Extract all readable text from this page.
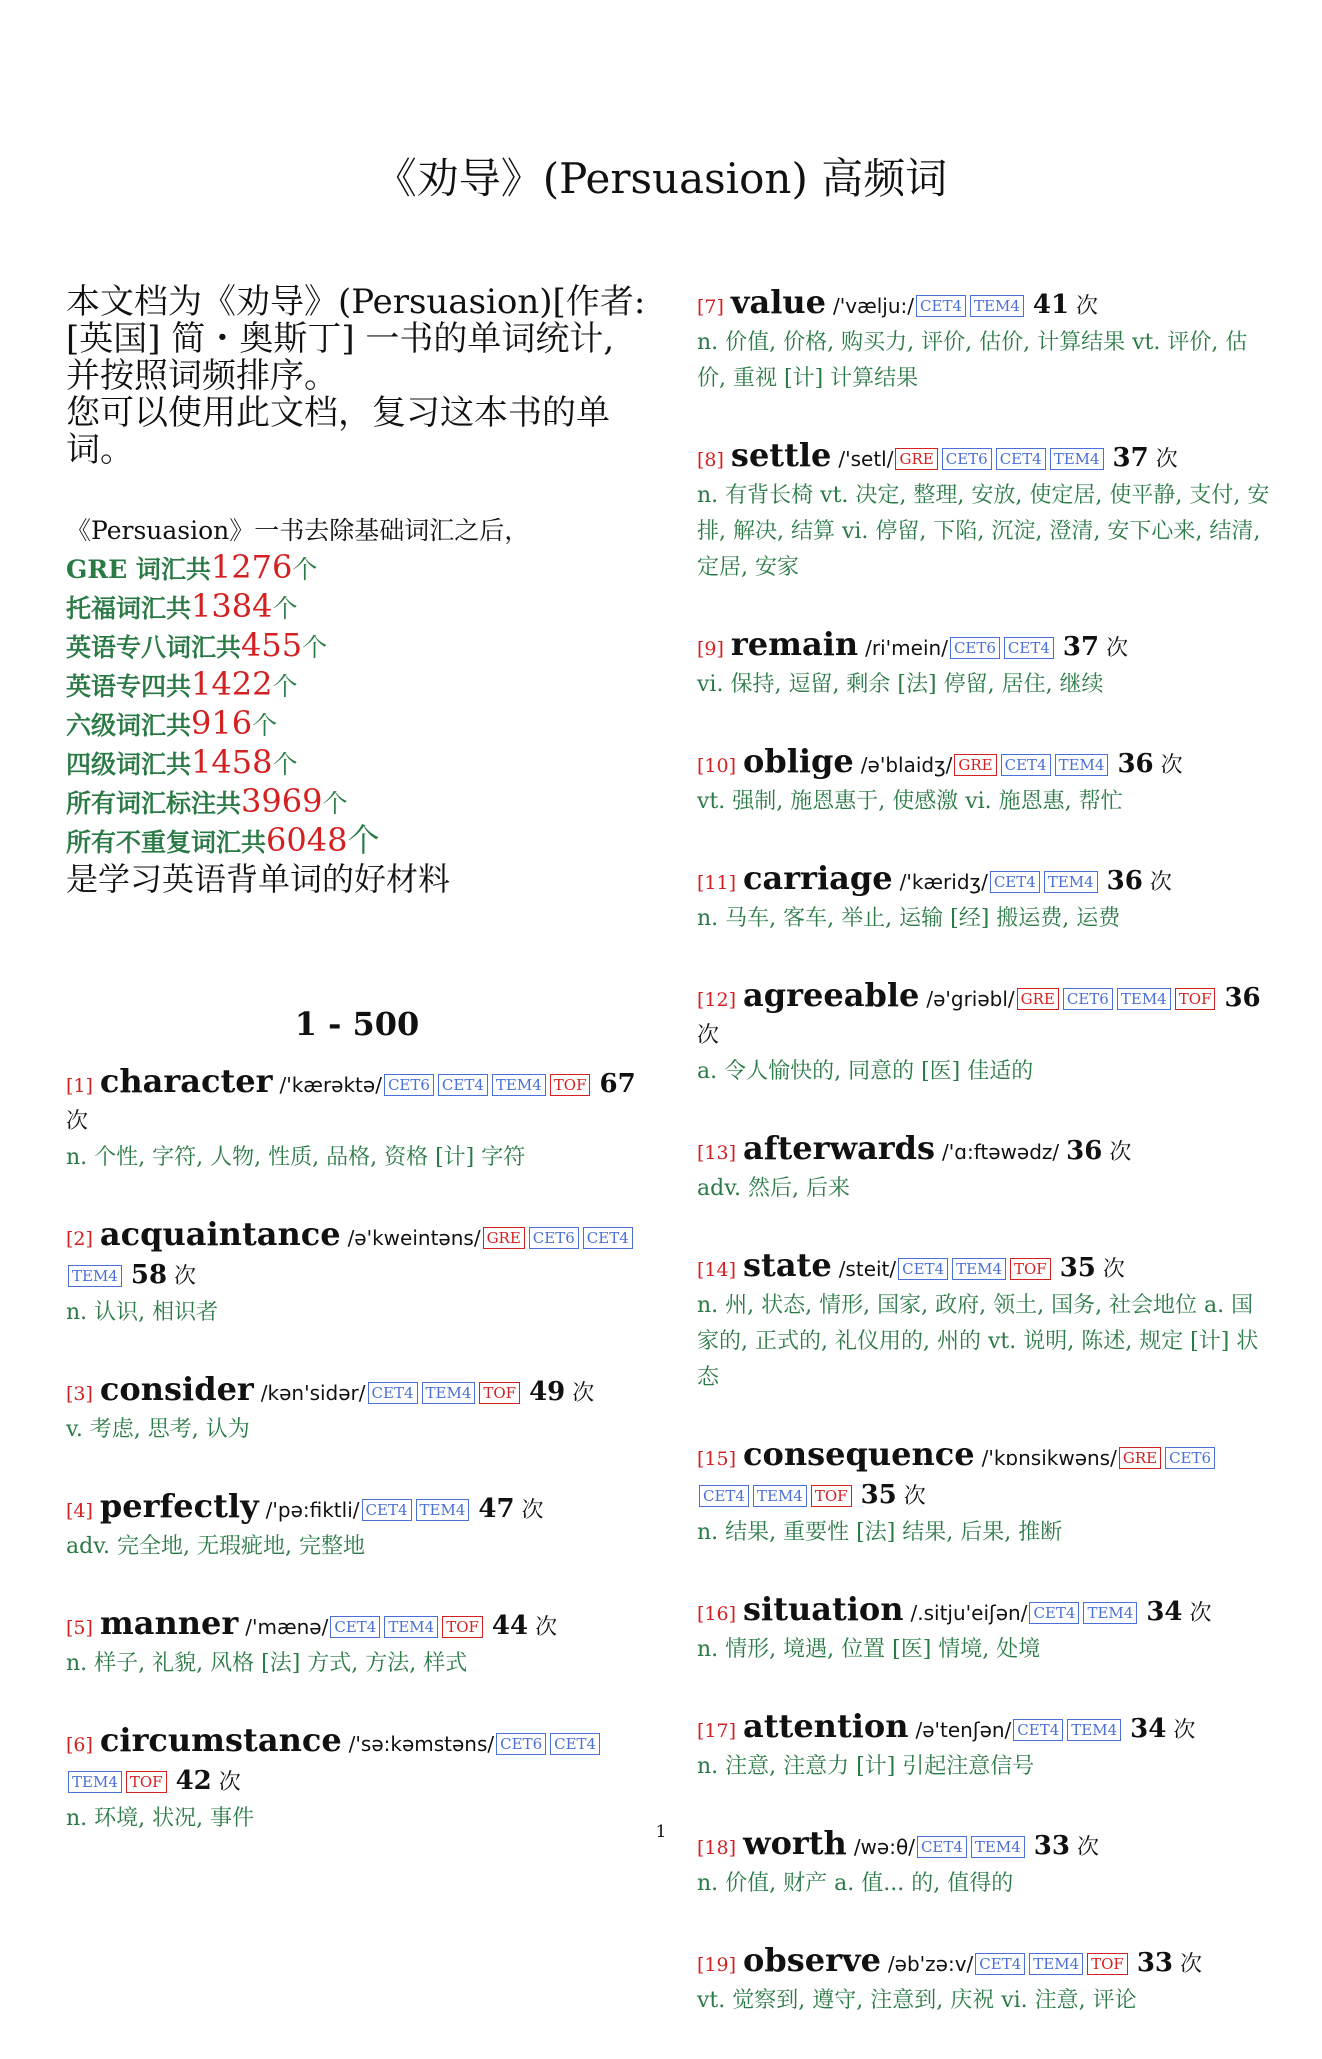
《劝导》(Persuasion) 高频词
本文档为《劝导》(Persuasion)[作者:
[英国] 简・奥斯丁] 一书的单词统计,
并按照词频排序。
您可以使用此文档，复习这本书的单
词。
《Persuasion》一书去除基础词汇之后，
GRE 词汇共1276个
托福词汇共1384个
英语专八词汇共455个
英语专四共1422个
六级词汇共916个
四级词汇共1458个
所有词汇标注共3969个
所有不重复词汇共6048个
是学习英语背单词的好材料
1 - 500
[1] character /'kærəktə/ CET6 CET4 TEM4 TOF 67 次
n. 个性, 字符, 人物, 性质, 品格, 资格 [计] 字符
[2] acquaintance /ə'kweintəns/ GRE CET6 CET4TEM4 58 次
n. 认识, 相识者
[3] consider /kən'sidər/ CET4 TEM4 TOF 49 次
v. 考虑, 思考, 认为
[4] perfectly /'pə:fiktli/ CET4 TEM4 47 次
adv. 完全地, 无瑕疵地, 完整地
[5] manner /'mænə/ CET4 TEM4 TOF 44 次
n. 样子, 礼貌, 风格 [法] 方式, 方法, 样式
[6] circumstance /'sə:kəmstəns/ CET6 CET4TEM4 TOF 42 次
n. 环境, 状况, 事件
[7] value /'vælju:/ CET4 TEM4 41 次
n. 价值, 价格, 购买力, 评价, 估价, 计算结果 vt. 评价, 估价, 重视 [计] 计算结果
[8] settle /'setl/ GRE CET6 CET4 TEM4 37 次
n. 有背长椅 vt. 决定, 整理, 安放, 使定居, 使平静, 支付, 安排, 解决, 结算 vi. 停留, 下陷, 沉淀, 澄清, 安下心来, 结清, 定居, 安家
[9] remain /ri'mein/ CET6 CET4 37 次
vi. 保持, 逗留, 剩余 [法] 停留, 居住, 继续
[10] oblige /ə'blaidʒ/ GRE CET4 TEM4 36 次
vt. 强制, 施恩惠于, 使感激 vi. 施恩惠, 帮忙
[11] carriage /'kæridʒ/ CET4 TEM4 36 次
n. 马车, 客车, 举止, 运输 [经] 搬运费, 运费
[12] agreeable /ə'griəbl/ GRE CET6 TEM4 TOF 36 次
a. 令人愉快的, 同意的 [医] 佳适的
[13] afterwards /'ɑ:ftəwədz/ 36 次
adv. 然后, 后来
[14] state /steit/ CET4 TEM4 TOF 35 次
n. 州, 状态, 情形, 国家, 政府, 领土, 国务, 社会地位 a. 国家的, 正式的, 礼仪用的, 州的 vt. 说明, 陈述, 规定 [计] 状态
[15] consequence /'kɒnsikwəns/ GRE CET6CET4 TEM4 TOF 35 次
n. 结果, 重要性 [法] 结果, 后果, 推断
[16] situation /.sitju'eiʃən/ CET4 TEM4 34 次
n. 情形, 境遇, 位置 [医] 情境, 处境
[17] attention /ə'tenʃən/ CET4 TEM4 34 次
n. 注意, 注意力 [计] 引起注意信号
[18] worth /wə:θ/ CET4 TEM4 33 次
n. 价值, 财产 a. 值... 的, 值得的
[19] observe /əb'zə:v/ CET4 TEM4 TOF 33 次
vt. 觉察到, 遵守, 注意到, 庆祝 vi. 注意, 评论
1
